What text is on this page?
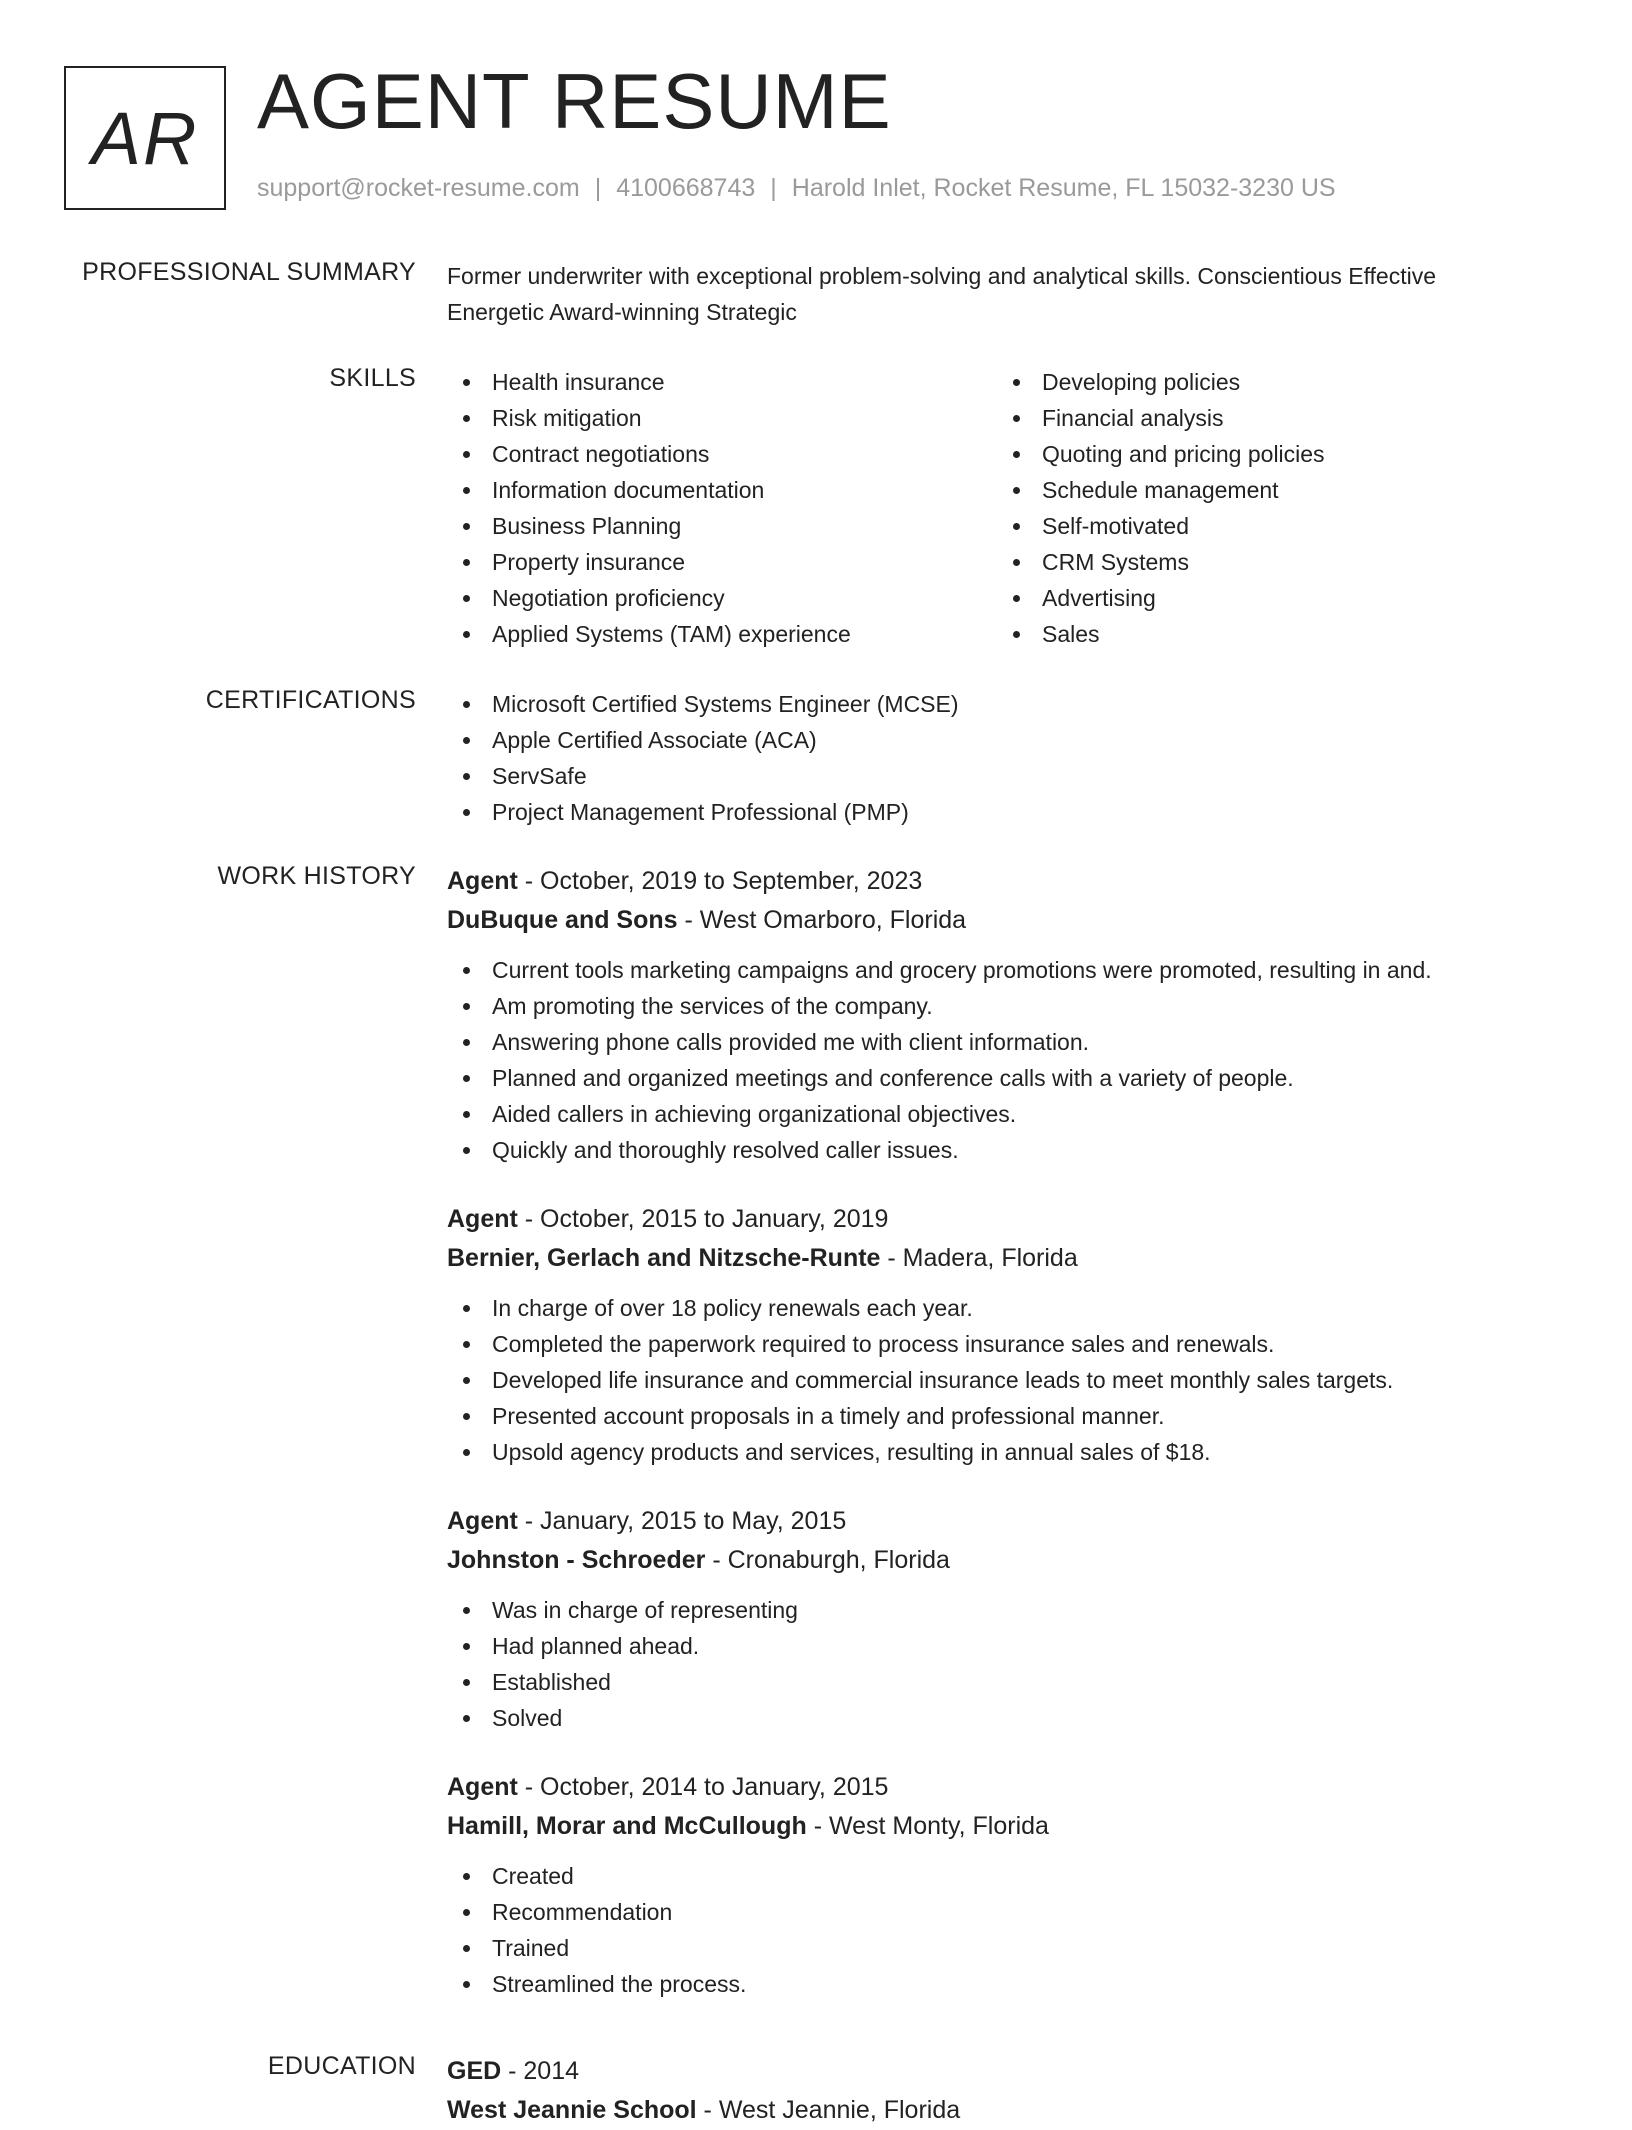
AR AGENT RESUME
support@rocket-resume.com | 4100668743 | Harold Inlet, Rocket Resume, FL 15032-3230 US
PROFESSIONAL SUMMARY Former underwriter with exceptional problem-solving and analytical skills. Conscientious Effective
Energetic Award-winning Strategic
SKILLS	Health insurance
Risk mitigation
Contract negotiations
Information documentation
Business Planning
Property insurance
Negotiation proficiency
Applied Systems (TAM) experience
Developing policies
Financial analysis
Quoting and pricing policies
Schedule management
Self-motivated
CRM Systems
Advertising
Sales
CERTIFICATIONS	Microsoft Certified Systems Engineer (MCSE)
Apple Certified Associate (ACA)
ServSafe
Project Management Professional (PMP)
WORK HISTORY Agent - October, 2019 to September, 2023
DuBuque and Sons - West Omarboro, Florida
Current tools marketing campaigns and grocery promotions were promoted, resulting in and.
Am promoting the services of the company.
Answering phone calls provided me with client information.
Planned and organized meetings and conference calls with a variety of people.
Aided callers in achieving organizational objectives.
Quickly and thoroughly resolved caller issues.
Agent - October, 2015 to January, 2019
Bernier, Gerlach and Nitzsche-Runte - Madera, Florida
In charge of over 18 policy renewals each year.
Completed the paperwork required to process insurance sales and renewals.
Developed life insurance and commercial insurance leads to meet monthly sales targets.
Presented account proposals in a timely and professional manner.
Upsold agency products and services, resulting in annual sales of $18.
Agent - January, 2015 to May, 2015
Johnston - Schroeder - Cronaburgh, Florida
Was in charge of representing
Had planned ahead.
Established
Solved
Agent - October, 2014 to January, 2015
Hamill, Morar and McCullough - West Monty, Florida
Created
Recommendation
Trained
Streamlined the process.
EDUCATION GED - 2014
West Jeannie School - West Jeannie, Florida
